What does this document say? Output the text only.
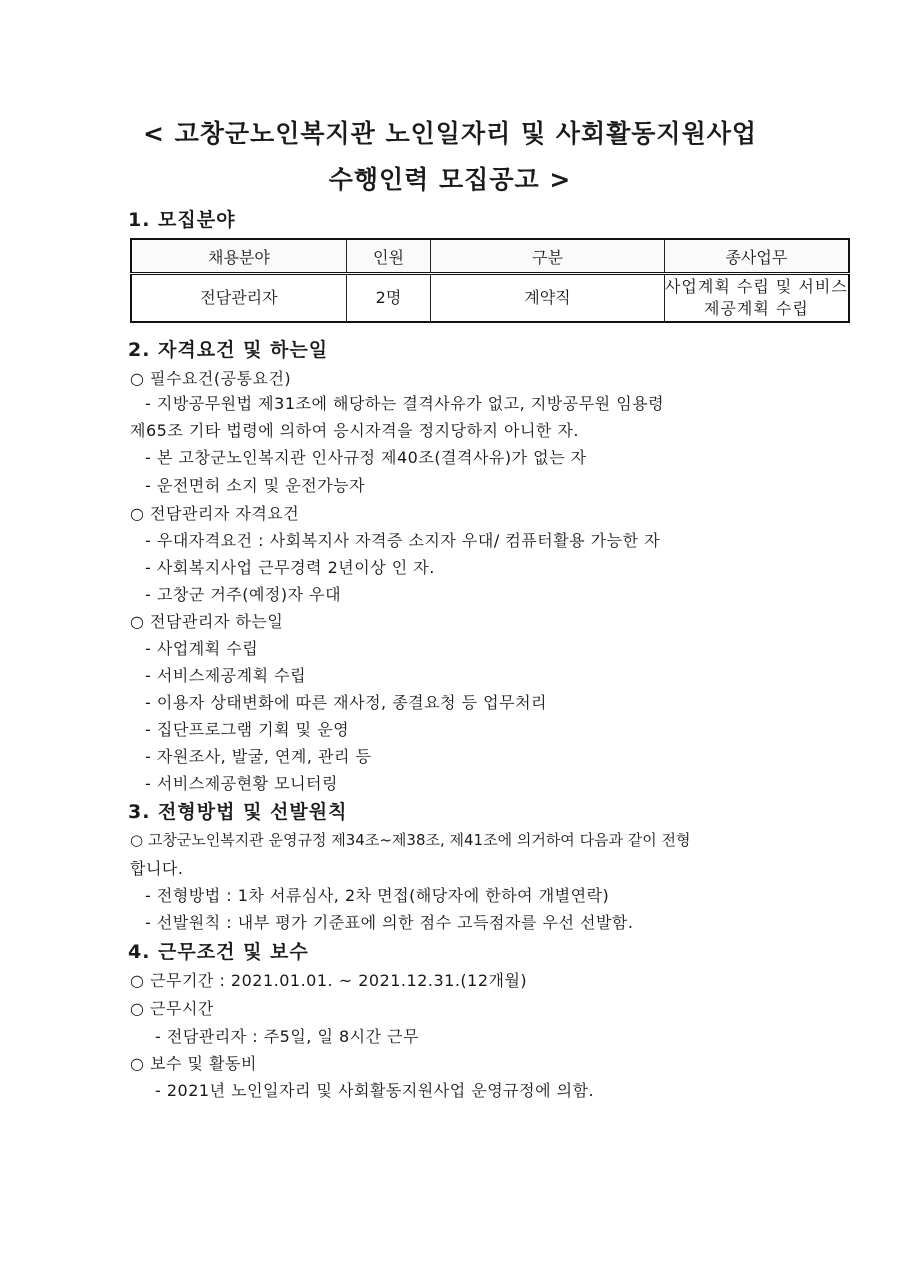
< 고창군노인복지관 노인일자리 및 사회활동지원사업
수행인력 모집공고 >
1. 모집분야
채용분야	인원	구분	종사업무
전담관리자	2명	계약직	사업계획 수립 및 서비스
제공계획 수립
2. 자격요건 및 하는일
○ 필수요건(공통요건)
- 지방공무원법 제31조에 해당하는 결격사유가 없고, 지방공무원 임용령
제65조 기타 법령에 의하여 응시자격을 정지당하지 아니한 자.
- 본 고창군노인복지관 인사규정 제40조(결격사유)가 없는 자
- 운전면허 소지 및 운전가능자
○ 전담관리자 자격요건
- 우대자격요건 : 사회복지사 자격증 소지자 우대/ 컴퓨터활용 가능한 자
- 사회복지사업 근무경력 2년이상 인 자.
- 고창군 거주(예정)자 우대
○ 전담관리자 하는일
- 사업계획 수립
- 서비스제공계획 수립
- 이용자 상태변화에 따른 재사정, 종결요청 등 업무처리
- 집단프로그램 기획 및 운영
- 자원조사, 발굴, 연계, 관리 등
- 서비스제공현황 모니터링
3. 전형방법 및 선발원칙
○ 고창군노인복지관 운영규정 제34조~제38조, 제41조에 의거하여 다음과 같이 전형
합니다.
- 전형방법 : 1차 서류심사, 2차 면접(해당자에 한하여 개별연락)
- 선발원칙 : 내부 평가 기준표에 의한 점수 고득점자를 우선 선발함.
4. 근무조건 및 보수
○ 근무기간 : 2021.01.01. ~ 2021.12.31.(12개월)
○ 근무시간
- 전담관리자 : 주5일, 일 8시간 근무
○ 보수 및 활동비
- 2021년 노인일자리 및 사회활동지원사업 운영규정에 의함.
